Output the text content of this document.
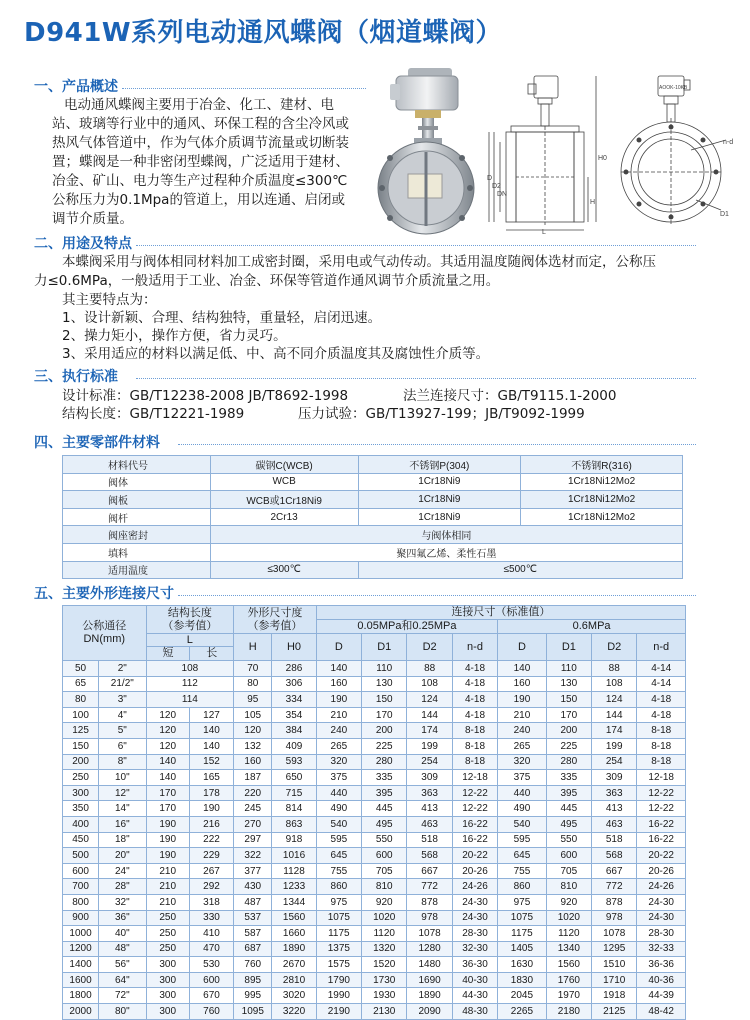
D941W系列电动通风蝶阀（烟道蝶阀）
一、产品概述
电动通风蝶阀主要用于冶金、化工、建材、电
站、玻璃等行业中的通风、环保工程的含尘冷风或
热风气体管道中，作为气体介质调节流量或切断装
置；蝶阀是一种非密闭型蝶阀，广泛适用于建材、
冶金、矿山、电力等生产过程种介质温度≤300℃
公称压力为0.1Mpa的管道上，用以连通、启闭或
调节介质量。
D
D2
DN
H
H0
L
n-d
D1
AOOK-10KB
二、用途及特点
本蝶阀采用与阀体相同材料加工成密封圈，采用电或气动传动。其适用温度随阀体选材而定，公称压
力≤0.6MPa，一般适用于工业、冶金、环保等管道作通风调节介质流量之用。
其主要特点为：
1、设计新颖、合理、结构独特，重量轻，启闭迅速。
2、操力矩小，操作方便，省力灵巧。
3、采用适应的材料以满足低、中、高不同介质温度其及腐蚀性介质等。
三、执行标准
设计标准：GB/T12238-2008 JB/T8692-1998	法兰连接尺寸：GB/T9115.1-2000
结构长度：GB/T12221-1989	压力试验：GB/T13927-199；JB/T9092-1999
四、主要零部件材料
材料代号	碳钢C(WCB)	不锈钢P(304)	不锈钢R(316)
阀体	WCB	1Cr18Ni9	1Cr18Ni12Mo2
阀板	WCB或1Cr18Ni9	1Cr18Ni9	1Cr18Ni12Mo2
阀杆	2Cr13	1Cr18Ni9	1Cr18Ni12Mo2
阀座密封	与阀体相同		
填料	聚四氟乙烯、柔性石墨		
适用温度	≤300℃	≤500℃	
五、主要外形连接尺寸
公称通径
DN(mm)		结构长度
（参考值）		外形尺寸度
（参考值）		连接尺寸（标准值）							
						0.05MPa和0.25MPa				0.6MPa			

		L
短 长		H	H0	D	D1	D2	n-d	D	D1	D2	n-d
50	2"	108		70	286	140	110	88	4-18	140	110	88	4-14
65	21/2"	112		80	306	160	130	108	4-18	160	130	108	4-14
80	3"	114		95	334	190	150	124	4-18	190	150	124	4-18
100	4"	120	127	105	354	210	170	144	4-18	210	170	144	4-18
125	5"	120	140	120	384	240	200	174	8-18	240	200	174	8-18
150	6"	120	140	132	409	265	225	199	8-18	265	225	199	8-18
200	8"	140	152	160	593	320	280	254	8-18	320	280	254	8-18
250	10"	140	165	187	650	375	335	309	12-18	375	335	309	12-18
300	12"	170	178	220	715	440	395	363	12-22	440	395	363	12-22
350	14"	170	190	245	814	490	445	413	12-22	490	445	413	12-22
400	16"	190	216	270	863	540	495	463	16-22	540	495	463	16-22
450	18"	190	222	297	918	595	550	518	16-22	595	550	518	16-22
500	20"	190	229	322	1016	645	600	568	20-22	645	600	568	20-22
600	24"	210	267	377	1128	755	705	667	20-26	755	705	667	20-26
700	28"	210	292	430	1233	860	810	772	24-26	860	810	772	24-26
800	32"	210	318	487	1344	975	920	878	24-30	975	920	878	24-30
900	36"	250	330	537	1560	1075	1020	978	24-30	1075	1020	978	24-30
1000	40"	250	410	587	1660	1175	1120	1078	28-30	1175	1120	1078	28-30
1200	48"	250	470	687	1890	1375	1320	1280	32-30	1405	1340	1295	32-33
1400	56"	300	530	760	2670	1575	1520	1480	36-30	1630	1560	1510	36-36
1600	64"	300	600	895	2810	1790	1730	1690	40-30	1830	1760	1710	40-36
1800	72"	300	670	995	3020	1990	1930	1890	44-30	2045	1970	1918	44-39
2000	80"	300	760	1095	3220	2190	2130	2090	48-30	2265	2180	2125	48-42
